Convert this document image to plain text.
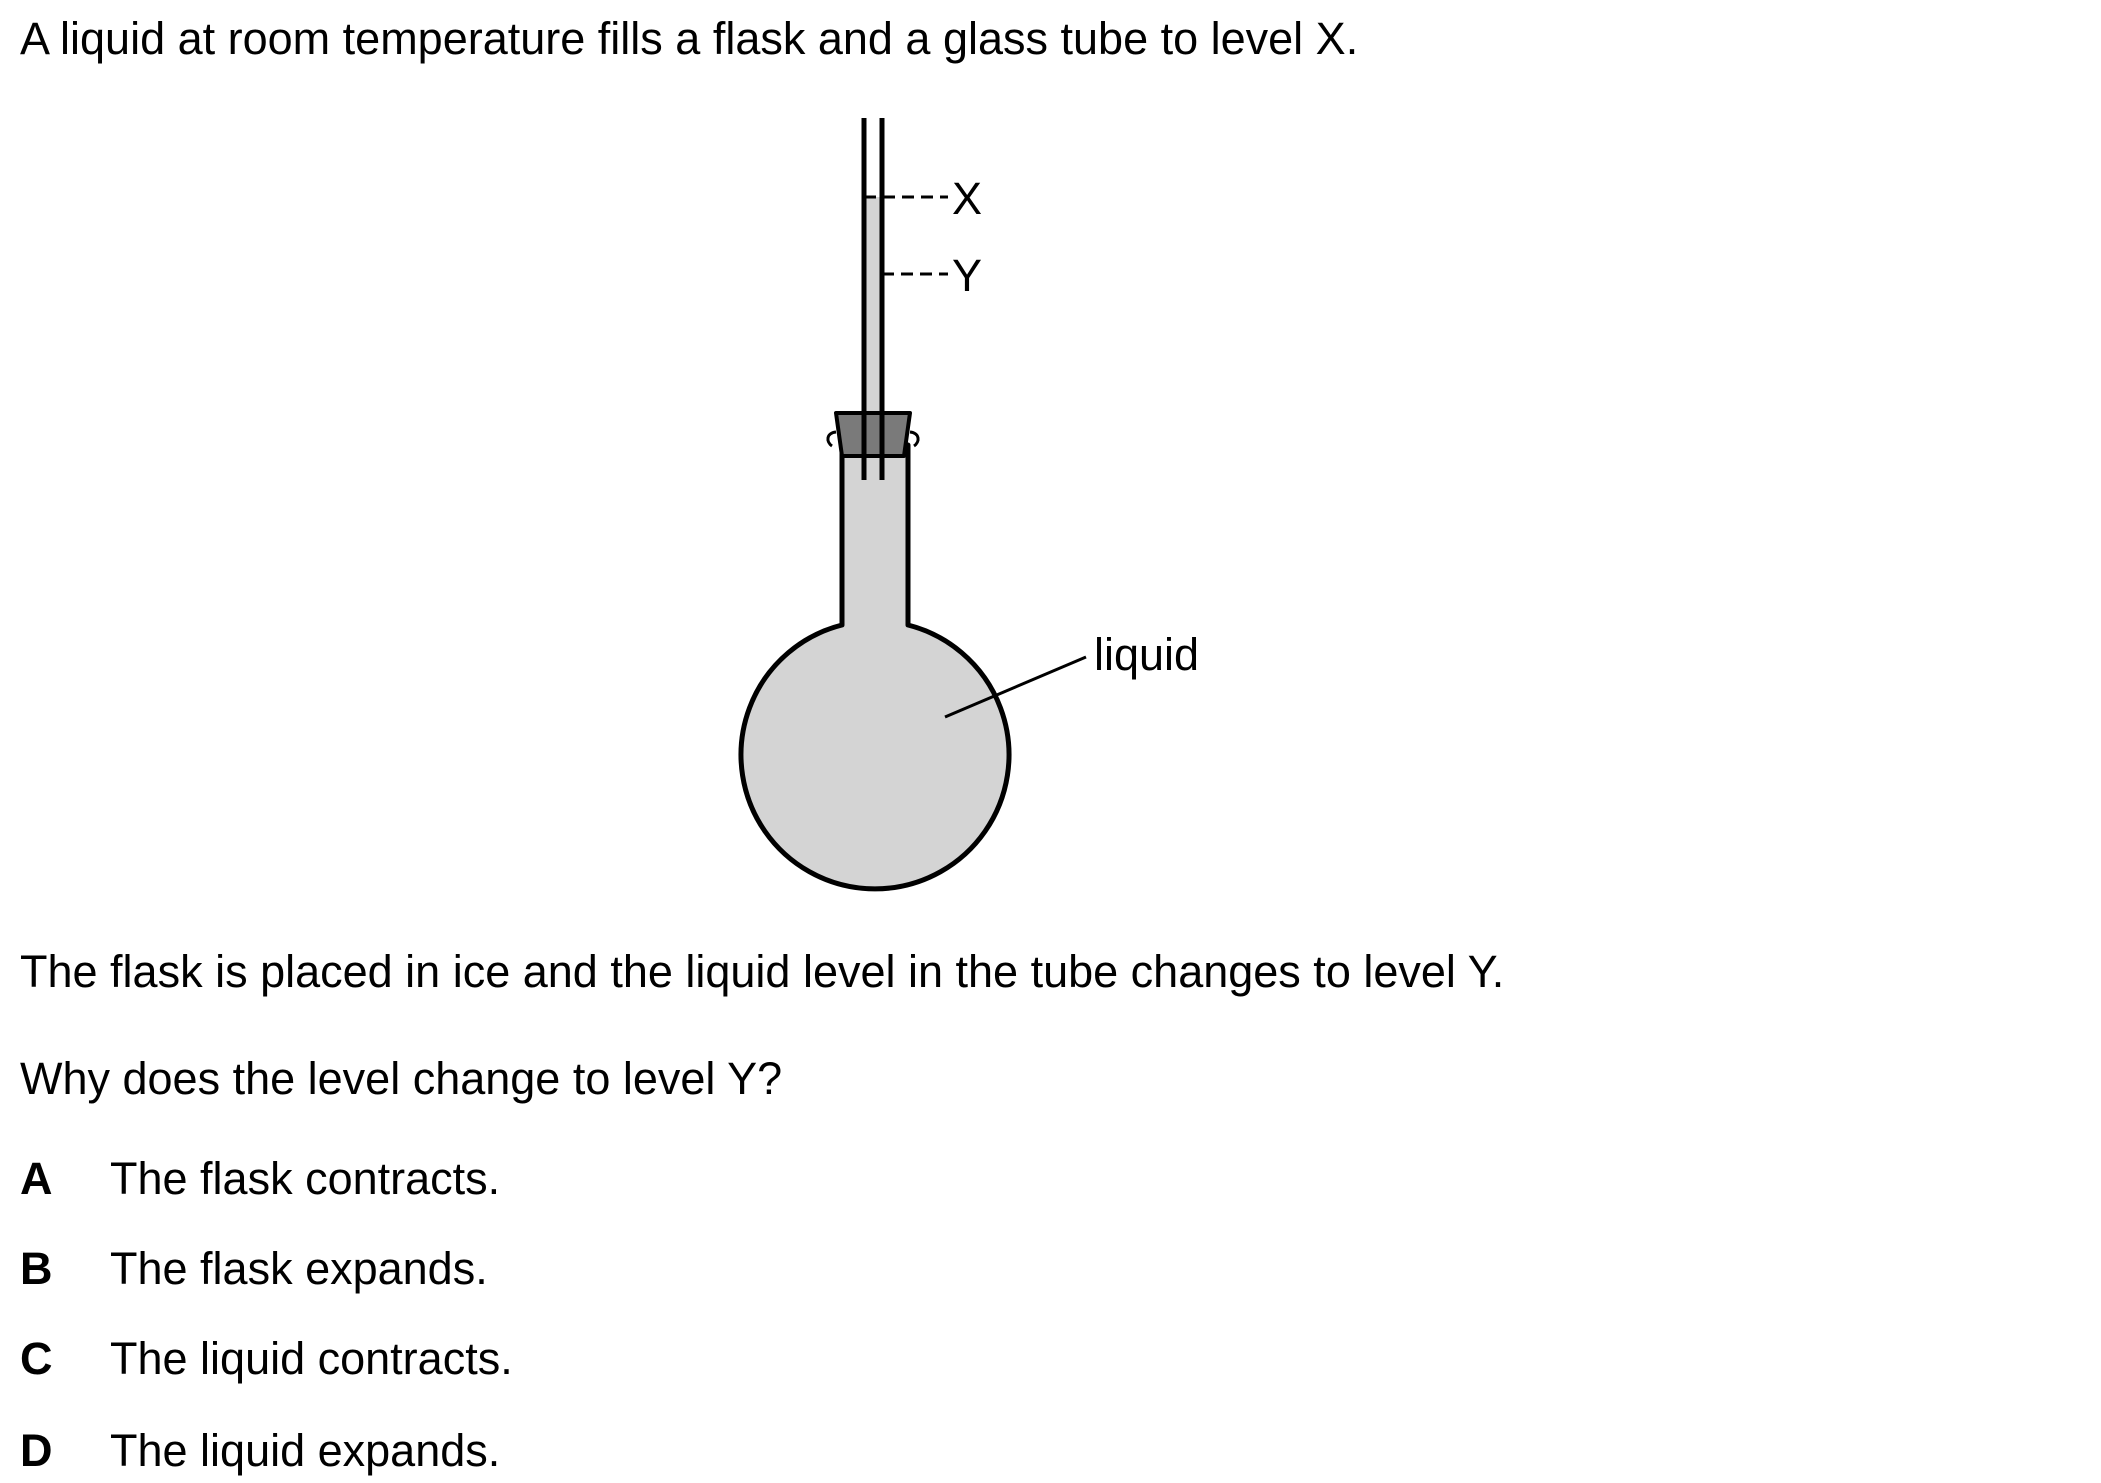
A liquid at room temperature fills a flask and a glass tube to level X.
X
Y
liquid
The flask is placed in ice and the liquid level in the tube changes to level Y.
Why does the level change to level Y?
A The flask contracts.
B The flask expands.
C The liquid contracts.
D The liquid expands.
